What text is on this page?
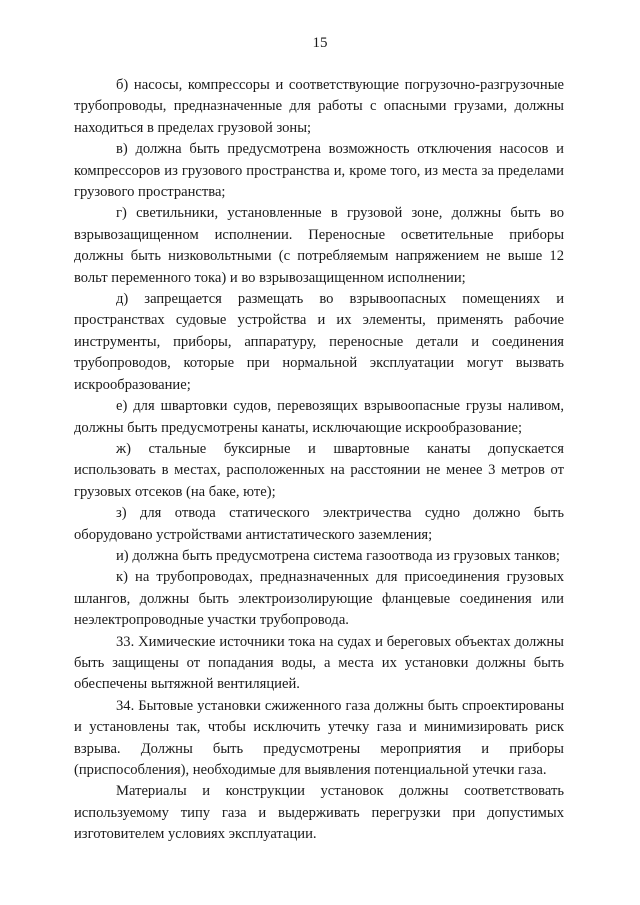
15

б) насосы, компрессоры и соответствующие погрузочно-разгрузочные трубопроводы, предназначенные для работы с опасными грузами, должны находиться в пределах грузовой зоны;

в) должна быть предусмотрена возможность отключения насосов и компрессоров из грузового пространства и, кроме того, из места за пределами грузового пространства;

г) светильники, установленные в грузовой зоне, должны быть во взрывозащищенном исполнении. Переносные осветительные приборы должны быть низковольтными (с потребляемым напряжением не выше 12 вольт переменного тока) и во взрывозащищенном исполнении;

д) запрещается размещать во взрывоопасных помещениях и пространствах судовые устройства и их элементы, применять рабочие инструменты, приборы, аппаратуру, переносные детали и соединения трубопроводов, которые при нормальной эксплуатации могут вызвать искрообразование;

е) для швартовки судов, перевозящих взрывоопасные грузы наливом, должны быть предусмотрены канаты, исключающие искрообразование;

ж) стальные буксирные и швартовные канаты допускается использовать в местах, расположенных на расстоянии не менее 3 метров от грузовых отсеков (на баке, юте);

з) для отвода статического электричества судно должно быть оборудовано устройствами антистатического заземления;

и) должна быть предусмотрена система газоотвода из грузовых танков;

к) на трубопроводах, предназначенных для присоединения грузовых шлангов, должны быть электроизолирующие фланцевые соединения или неэлектропроводные участки трубопровода.

33. Химические источники тока на судах и береговых объектах должны быть защищены от попадания воды, а места их установки должны быть обеспечены вытяжной вентиляцией.

34. Бытовые установки сжиженного газа должны быть спроектированы и установлены так, чтобы исключить утечку газа и минимизировать риск взрыва. Должны быть предусмотрены мероприятия и приборы (приспособления), необходимые для выявления потенциальной утечки газа.

Материалы и конструкции установок должны соответствовать используемому типу газа и выдерживать перегрузки при допустимых изготовителем условиях эксплуатации.
